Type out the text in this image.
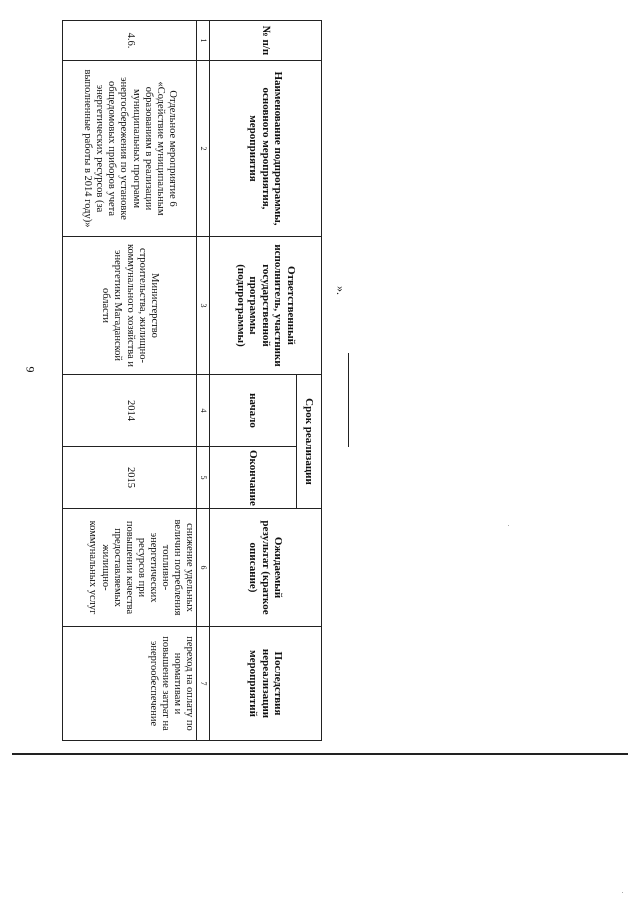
9
№ п/п	Наименование подпрограммы, основного мероприятия, мероприятия	Ответственный исполнитель, участники государственной программы (подпрограммы)	Срок реализации		Ожидаемый результат (краткое описание)	Последствия нереализации мероприятий
			начало	Окончание		
1	2	3	4	5	6	7
4.6.	Отдельное мероприятие 6 «Содействие муниципальным образованиям в реализации муниципальных программ энергосбережения по установке общедомовых приборов учета энергетических ресурсов (за выполненные работы в 2014 году)»	Министерство строительства, жилищно-коммунального хозяйства и энергетики Магаданской области	2014	2015	снижение удельных величин потребления топливно-энергетических ресурсов при повышении качества предоставляемых жилищно-коммунальных услуг	переход на оплату по нормативам и повышение затрат на энергообеспечение
».
